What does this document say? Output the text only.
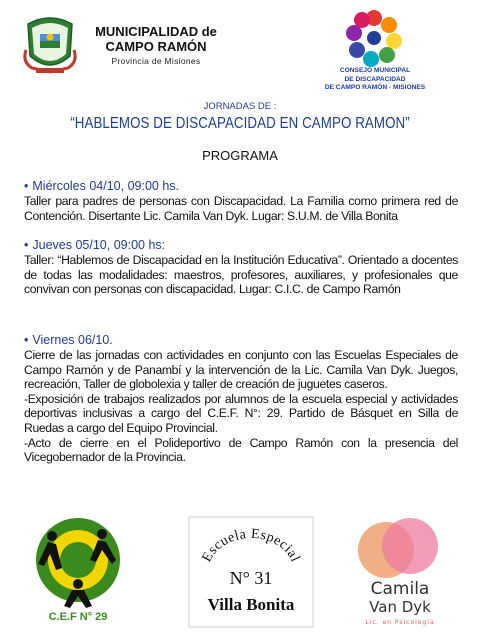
MUNICIPALIDAD de
CAMPO RAMÓN
Provincia de Misiones
CONSEJO MUNICIPAL
DE DISCAPACIDAD
DE CAMPO RAMÓN - MISIONES
JORNADAS DE :
“HABLEMOS DE DISCAPACIDAD EN CAMPO RAMON”
PROGRAMA
• Miércoles 04/10, 09:00 hs.

Taller para padres de personas con Discapacidad. La Familia como primera red de Contención. Disertante Lic. Camila Van Dyk. Lugar: S.U.M. de Villa Bonita

• Jueves 05/10, 09:00 hs:

Taller: “Hablemos de Discapacidad en la Institución Educativa”. Orientado a docentes de todas las modalidades: maestros, profesores, auxiliares, y profesionales que convivan con personas con discapacidad. Lugar: C.I.C. de Campo Ramón

• Viernes 06/10.

Cierre de las jornadas con actividades en conjunto con las Escuelas Especiales de Campo Ramón y de Panambí y la intervención de la Lic. Camila Van Dyk. Juegos, recreación, Taller de globolexia y taller de creación de juguetes caseros.

-Exposición de trabajos realizados por alumnos de la escuela especial y actividades deportivas inclusivas a cargo del C.E.F. N°: 29. Partido de Básquet en Silla de Ruedas a cargo del Equipo Provincial.

-Acto de cierre en el Polideportivo de Campo Ramón con la presencia del Vicegobernador de la Provincia.

C.E.F N° 29
Escuela Especial
N° 31
Villa Bonita
Camila
Van Dyk
Lic. en Psicología
